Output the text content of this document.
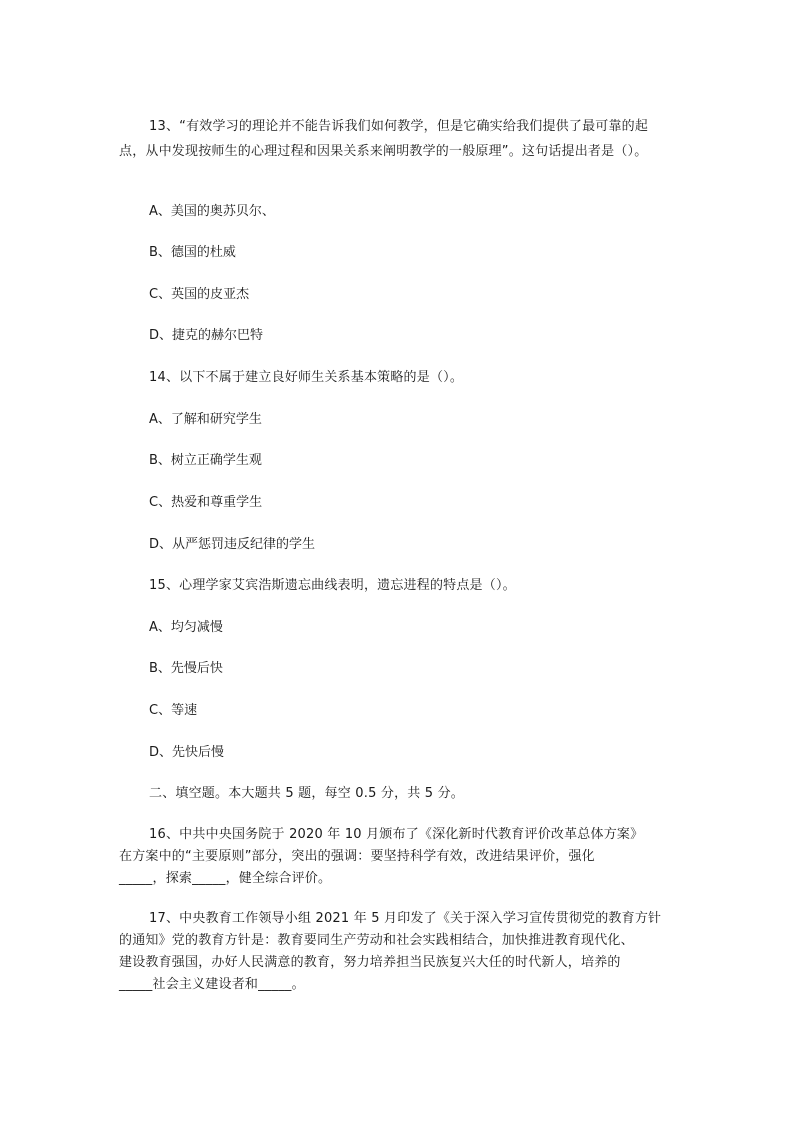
13、“有效学习的理论并不能告诉我们如何教学，但是它确实给我们提供了最可靠的起
点，从中发现按师生的心理过程和因果关系来阐明教学的一般原理”。这句话提出者是（）。
A、美国的奥苏贝尔、
B、德国的杜威
C、英国的皮亚杰
D、捷克的赫尔巴特
14、以下不属于建立良好师生关系基本策略的是（）。
A、了解和研究学生
B、树立正确学生观
C、热爱和尊重学生
D、从严惩罚违反纪律的学生
15、心理学家艾宾浩斯遗忘曲线表明，遗忘进程的特点是（）。
A、均匀减慢
B、先慢后快
C、等速
D、先快后慢
二、填空题。本大题共 5 题，每空 0.5 分，共 5 分。
16、中共中央国务院于 2020 年 10 月颁布了《深化新时代教育评价改革总体方案》
在方案中的“主要原则”部分，突出的强调：要坚持科学有效，改进结果评价，强化
_____，探索_____，健全综合评价。
17、中央教育工作领导小组 2021 年 5 月印发了《关于深入学习宣传贯彻党的教育方针
的通知》党的教育方针是：教育要同生产劳动和社会实践相结合，加快推进教育现代化、
建设教育强国，办好人民满意的教育，努力培养担当民族复兴大任的时代新人，培养的
_____社会主义建设者和_____。
